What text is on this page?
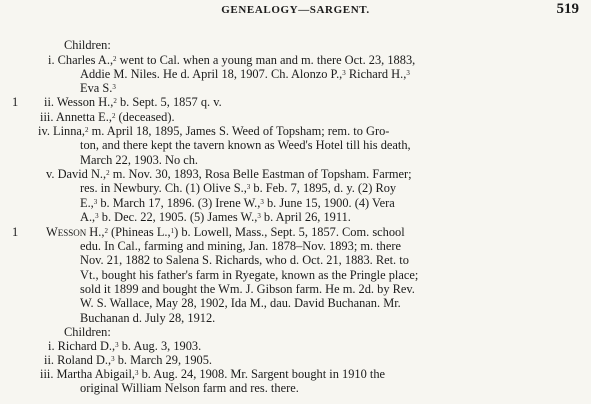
GENEALOGY—SARGENT.	519
Children:
i. Charles A.,$^2$ went to Cal. when a young man and m. there Oct. 23, 1883,
Addie M. Niles. He d. April 18, 1907. Ch. Alonzo P.,$^3$ Richard H.,$^3$
Eva S.$^3$
1 ii. Wesson H.,$^2$ b. Sept. 5, 1857 q. v.
iii. Annetta E.,$^2$ (deceased).
iv. Linna,$^2$ m. April 18, 1895, James S. Weed of Topsham; rem. to Gro-
ton, and there kept the tavern known as Weed's Hotel till his death,
March 22, 1903. No ch.
v. David N.,$^2$ m. Nov. 30, 1893, Rosa Belle Eastman of Topsham. Farmer;
res. in Newbury. Ch. (1) Olive S.,$^3$ b. Feb. 7, 1895, d. y. (2) Roy
E.,$^3$ b. March 17, 1896. (3) Irene W.,$^3$ b. June 15, 1900. (4) Vera
A.,$^3$ b. Dec. 22, 1905. (5) James W.,$^3$ b. April 26, 1911.
1 Wesson H.,$^2$ (Phineas L.,$^1$) b. Lowell, Mass., Sept. 5, 1857. Com. school
edu. In Cal., farming and mining, Jan. 1878–Nov. 1893; m. there
Nov. 21, 1882 to Salena S. Richards, who d. Oct. 21, 1883. Ret. to
Vt., bought his father's farm in Ryegate, known as the Pringle place;
sold it 1899 and bought the Wm. J. Gibson farm. He m. 2d. by Rev.
W. S. Wallace, May 28, 1902, Ida M., dau. David Buchanan. Mr.
Buchanan d. July 28, 1912.
Children:
i. Richard D.,$^3$ b. Aug. 3, 1903.
ii. Roland D.,$^3$ b. March 29, 1905.
iii. Martha Abigail,$^3$ b. Aug. 24, 1908. Mr. Sargent bought in 1910 the
original William Nelson farm and res. there.
